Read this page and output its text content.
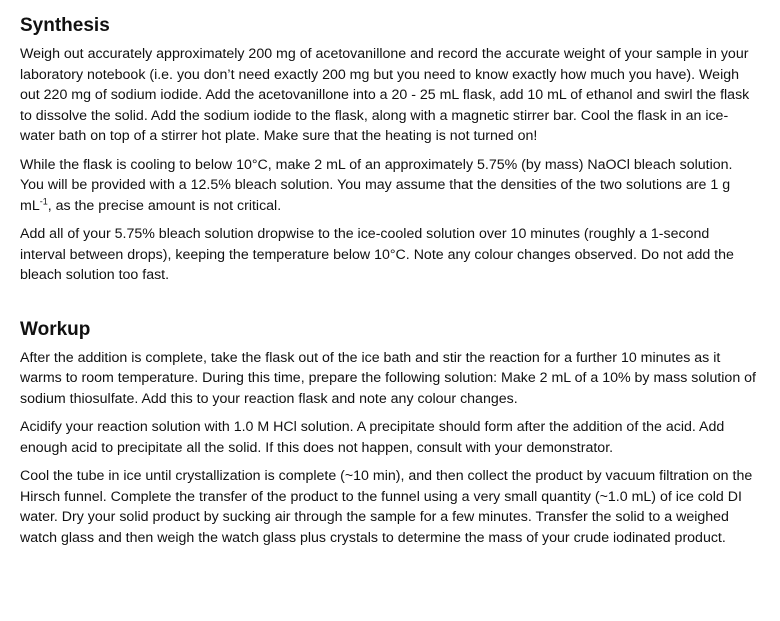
Synthesis

Weigh out accurately approximately 200 mg of acetovanillone and record the accurate weight of your sample in your laboratory notebook (i.e. you don’t need exactly 200 mg but you need to know exactly how much you have). Weigh out 220 mg of sodium iodide. Add the acetovanillone into a 20 - 25 mL flask, add 10 mL of ethanol and swirl the flask to dissolve the solid. Add the sodium iodide to the flask, along with a magnetic stirrer bar. Cool the flask in an ice-water bath on top of a stirrer hot plate. Make sure that the heating is not turned on!

While the flask is cooling to below 10°C, make 2 mL of an approximately 5.75% (by mass) NaOCl bleach solution. You will be provided with a 12.5% bleach solution. You may assume that the densities of the two solutions are 1 g $mL^{-1}$, as the precise amount is not critical.

Add all of your 5.75% bleach solution dropwise to the ice-cooled solution over 10 minutes (roughly a 1-second interval between drops), keeping the temperature below 10°C. Note any colour changes observed. Do not add the bleach solution too fast.

Workup

After the addition is complete, take the flask out of the ice bath and stir the reaction for a further 10 minutes as it warms to room temperature. During this time, prepare the following solution: Make 2 mL of a 10% by mass solution of sodium thiosulfate. Add this to your reaction flask and note any colour changes.

Acidify your reaction solution with 1.0 M HCl solution. A precipitate should form after the addition of the acid. Add enough acid to precipitate all the solid. If this does not happen, consult with your demonstrator.

Cool the tube in ice until crystallization is complete (~10 min), and then collect the product by vacuum filtration on the Hirsch funnel. Complete the transfer of the product to the funnel using a very small quantity (~1.0 mL) of ice cold DI water. Dry your solid product by sucking air through the sample for a few minutes. Transfer the solid to a weighed watch glass and then weigh the watch glass plus crystals to determine the mass of your crude iodinated product.
